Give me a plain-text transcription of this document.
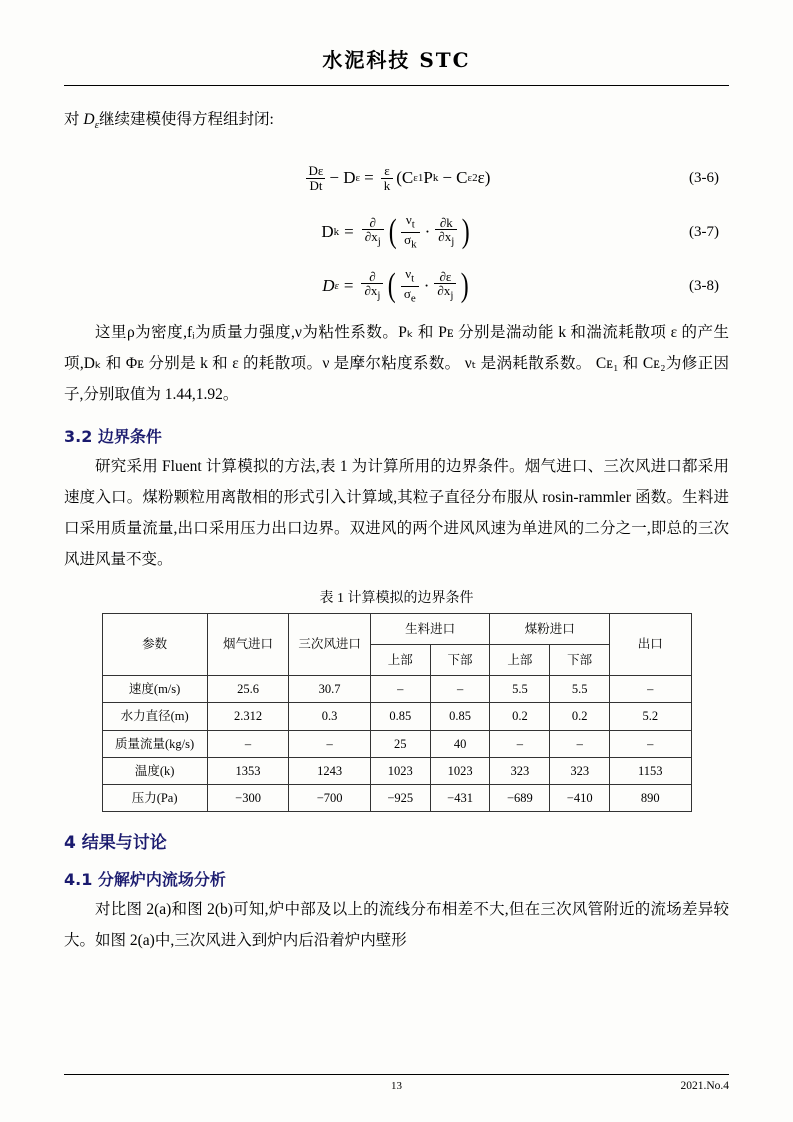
水泥科技 STC

对 $D_\varepsilon$继续建模使得方程组封闭:

$\frac{D\varepsilon}{Dt} - D$ $\varepsilon = \frac{\varepsilon}{k} (C$ ε1 P k − C ε2 ε)	(3-6)
D $k = \frac{\partial}{\partial x_j}$ ( $\frac{\nu_t}{\sigma_k} \cdot \frac{\partial k}{\partial x_j}$ )	(3-7)
D $\varepsilon = \frac{\partial}{\partial x_j}$ ( $\frac{\nu_t}{\sigma_e} \cdot \frac{\partial\varepsilon}{\partial x_j}$ )	(3-8)

这里ρ为密度,fᵢ为质量力强度,ν为粘性系数。Pₖ 和 Pᴇ 分别是湍动能 k 和湍流耗散项 ε 的产生项,Dₖ 和 Φᴇ 分别是 k 和 ε 的耗散项。ν 是摩尔粘度系数。 νₜ 是涡耗散系数。 Cᴇ₁ 和 Cᴇ₂为修正因子,分别取值为 1.44,1.92。

3.2 边界条件

研究采用 Fluent 计算模拟的方法,表 1 为计算所用的边界条件。烟气进口、三次风进口都采用速度入口。煤粉颗粒用离散相的形式引入计算域,其粒子直径分布服从 rosin-rammler 函数。生料进口采用质量流量,出口采用压力出口边界。双进风的两个进风风速为单进风的二分之一,即总的三次风进风量不变。

表 1 计算模拟的边界条件
参数	烟气进口	三次风进口	生料进口		煤粉进口		出口
			上部	下部	上部	下部	
速度(m/s)	25.6	30.7	–	–	5.5	5.5	–
水力直径(m)	2.312	0.3	0.85	0.85	0.2	0.2	5.2
质量流量(kg/s)	–	–	25	40	–	–	–
温度(k)	1353	1243	1023	1023	323	323	1153
压力(Pa)	−300	−700	−925	−431	−689	−410	890
4 结果与讨论
4.1 分解炉内流场分析

对比图 2(a)和图 2(b)可知,炉中部及以上的流线分布相差不大,但在三次风管附近的流场差异较大。如图 2(a)中,三次风进入到炉内后沿着炉内壁形

13	2021.No.4
